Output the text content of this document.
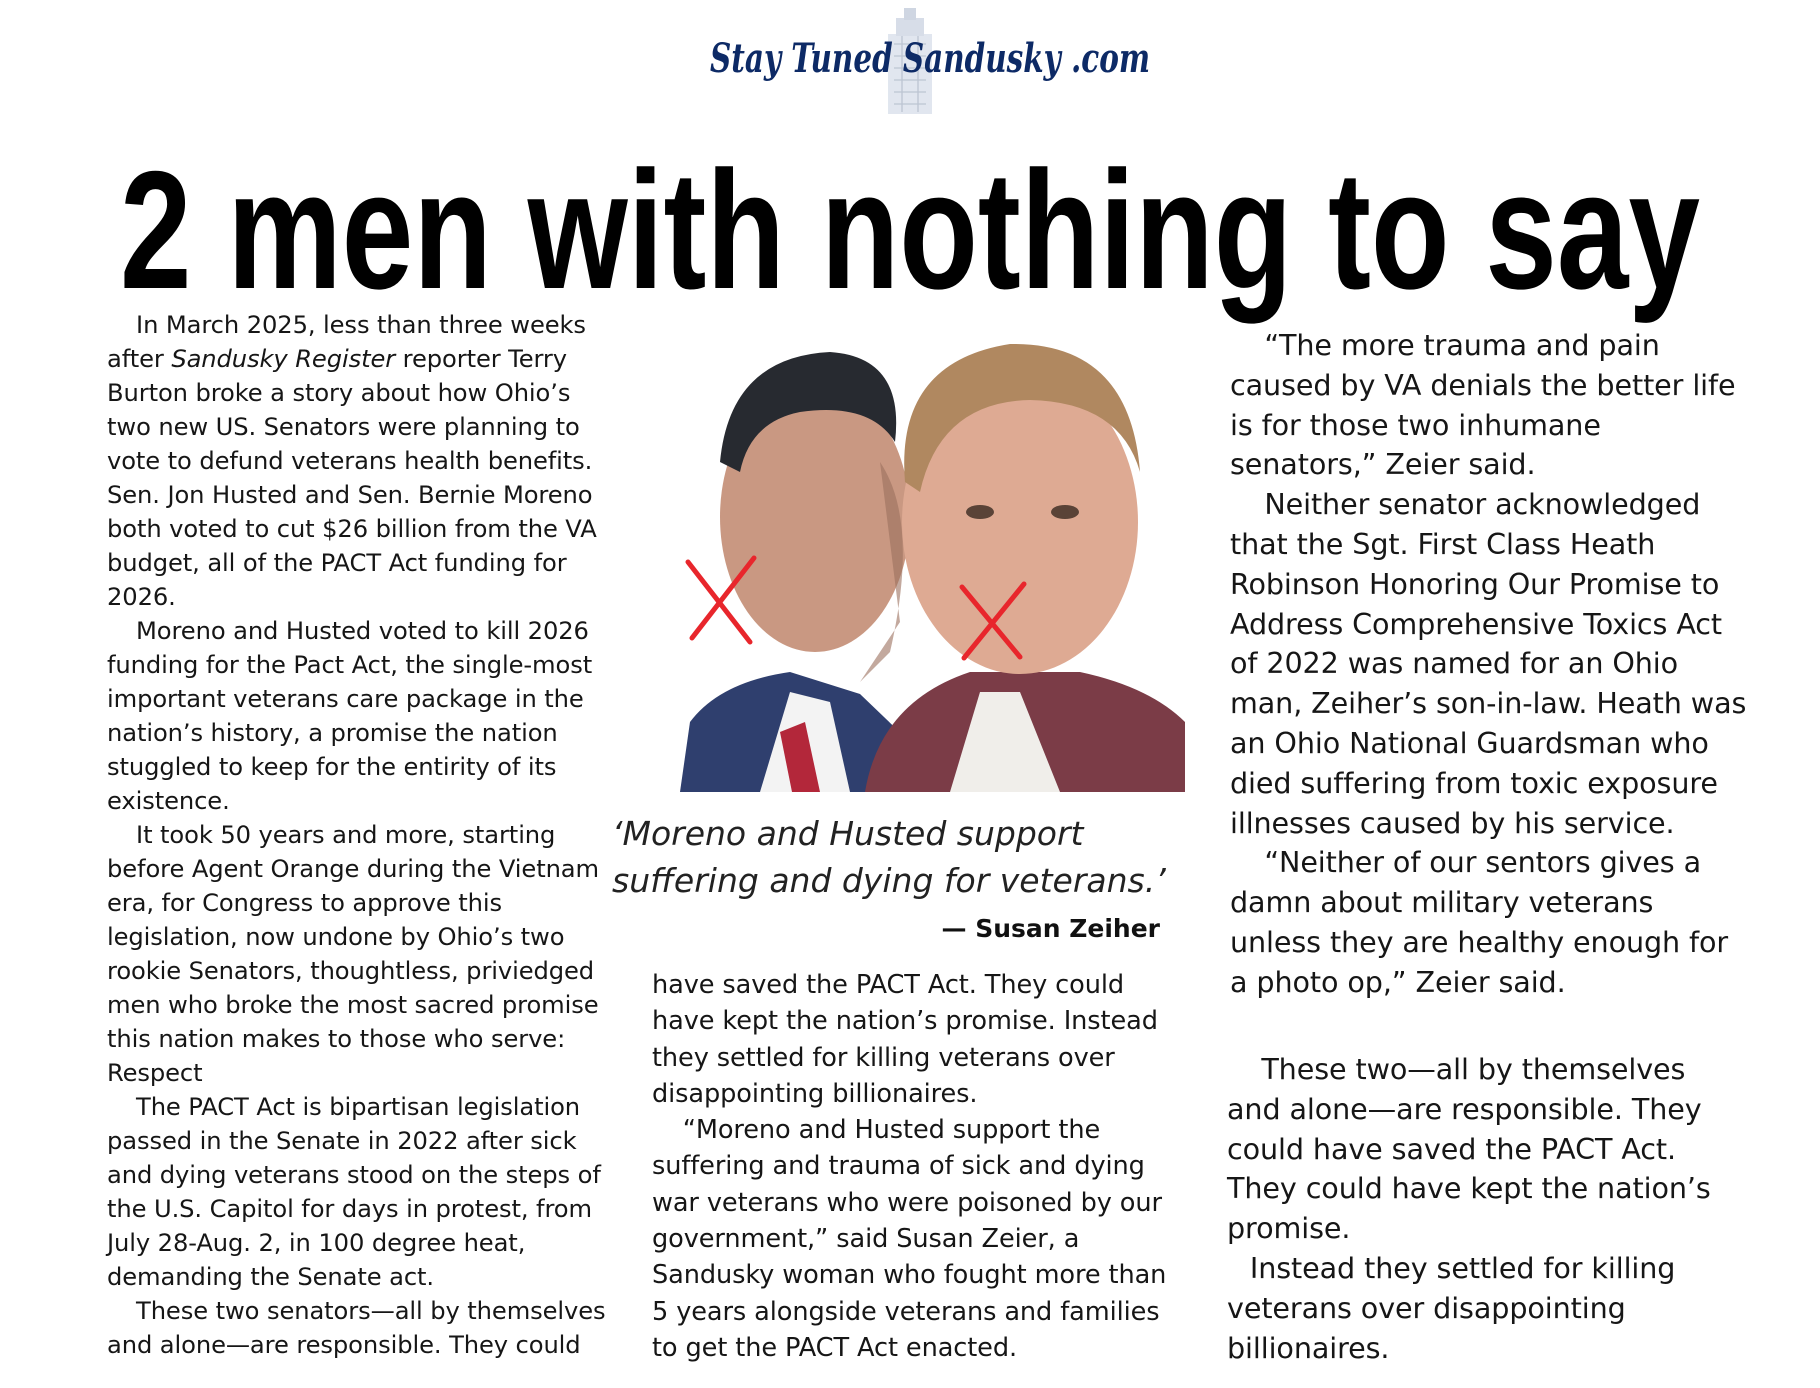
Stay Tuned Sandusky .com
2 men with nothing to say

In March 2025, less than three weeks after Sandusky Register reporter Terry Burton broke a story about how Ohio’s two new US. Senators were planning to vote to defund veterans health benefits. Sen. Jon Husted and Sen. Bernie Moreno both voted to cut $26 billion from the VA budget, all of the PACT Act funding for 2026.

Moreno and Husted voted to kill 2026 funding for the Pact Act, the single-most important veterans care package in the nation’s history, a promise the nation stuggled to keep for the entirity of its existence.

It took 50 years and more, starting before Agent Orange during the Vietnam era, for Congress to approve this legislation, now undone by Ohio’s two rookie Senators, thoughtless, priviedged men who broke the most sacred promise this nation makes to those who serve: Respect

The PACT Act is bipartisan legislation passed in the Senate in 2022 after sick and dying veterans stood on the steps of the U.S. Capitol for days in protest, from July 28-Aug. 2, in 100 degree heat, demanding the Senate act.

These two senators—all by themselves and alone—are responsible. They could

‘Moreno and Husted support suffering and dying for veterans.’
— Susan Zeiher

have saved the PACT Act. They could have kept the nation’s promise. Instead they settled for killing veterans over disappointing billionaires.

“Moreno and Husted support the suffering and trauma of sick and dying war veterans who were poisoned by our government,” said Susan Zeier, a Sandusky woman who fought more than 5 years alongside veterans and families to get the PACT Act enacted.

“The more trauma and pain caused by VA denials the better life is for those two inhumane senators,” Zeier said.

Neither senator acknowledged that the Sgt. First Class Heath Robinson Honoring Our Promise to Address Comprehensive Toxics Act of 2022 was named for an Ohio man, Zeiher’s son-in-law. Heath was an Ohio National Guardsman who died suffering from toxic exposure illnesses caused by his service.

“Neither of our sentors gives a damn about military veterans unless they are healthy enough for a photo op,” Zeier said.

These two—all by themselves and alone—are responsible. They could have saved the PACT Act. They could have kept the nation’s promise.

Instead they settled for killing veterans over disappointing billionaires.
